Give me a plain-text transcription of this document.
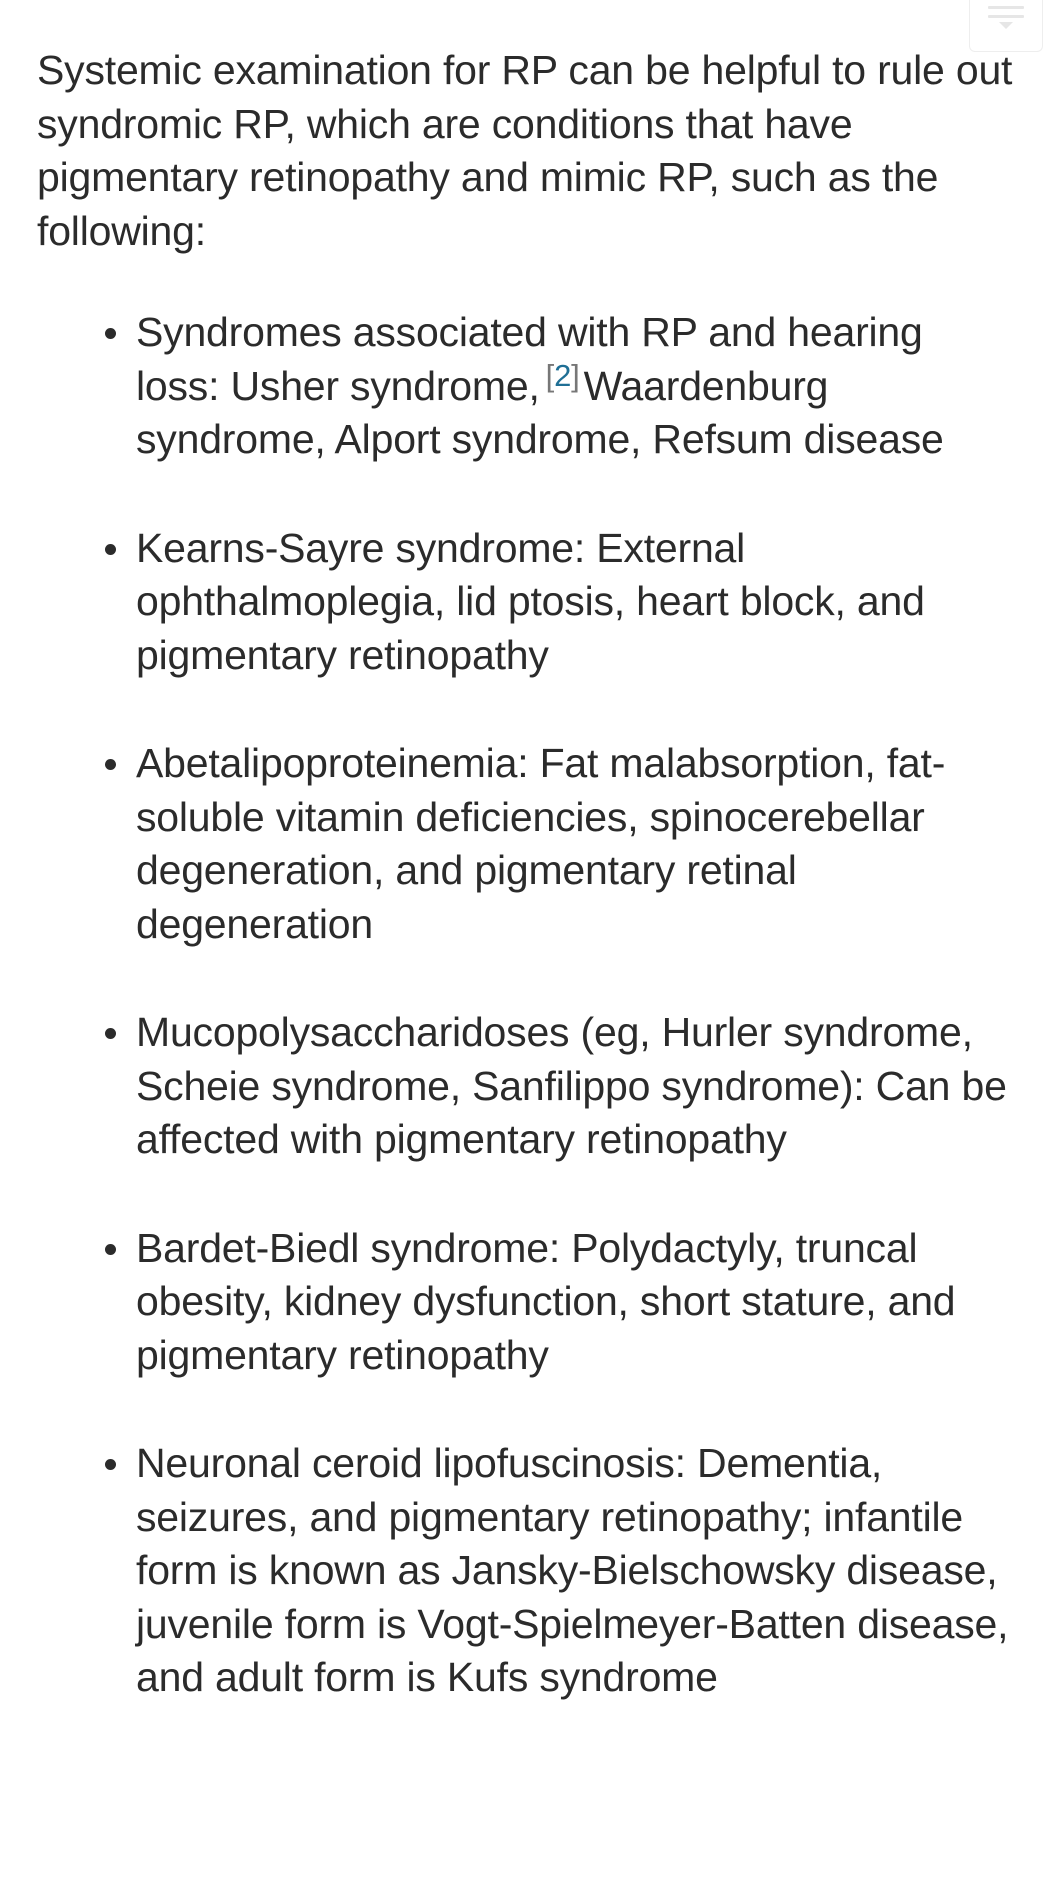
Systemic examination for RP can be helpful to rule out syndromic RP, which are conditions that have pigmentary retinopathy and mimic RP, such as the following:

Syndromes associated with RP and hearing loss: Usher syndrome, [2]Waardenburg syndrome, Alport syndrome, Refsum disease
Kearns-Sayre syndrome: External ophthalmoplegia, lid ptosis, heart block, and pigmentary retinopathy
Abetalipoproteinemia: Fat malabsorption, fat-soluble vitamin deficiencies, spinocerebellar degeneration, and pigmentary retinal degeneration
Mucopolysaccharidoses (eg, Hurler syndrome, Scheie syndrome, Sanfilippo syndrome): Can be affected with pigmentary retinopathy
Bardet-Biedl syndrome: Polydactyly, truncal obesity, kidney dysfunction, short stature, and pigmentary retinopathy
Neuronal ceroid lipofuscinosis: Dementia, seizures, and pigmentary retinopathy; infantile form is known as Jansky-Bielschowsky disease, juvenile form is Vogt-Spielmeyer-Batten disease, and adult form is Kufs syndrome
